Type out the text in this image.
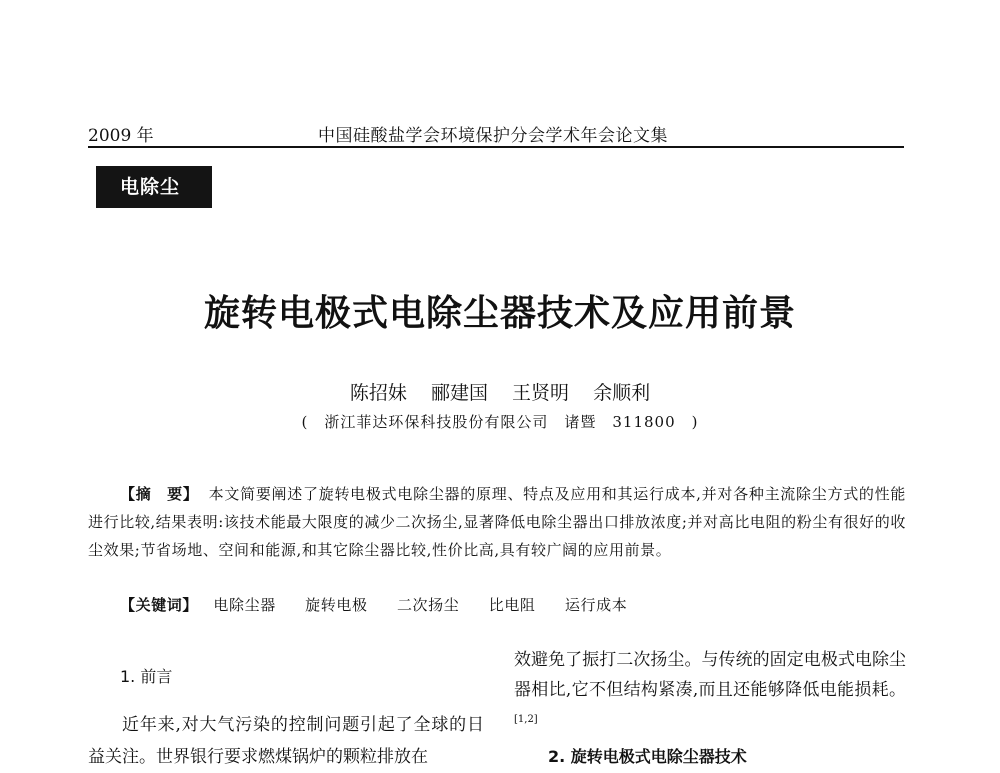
2009 年	中国硅酸盐学会环境保护分会学术年会论文集
电除尘
旋转电极式电除尘器技术及应用前景
陈招妹 郦建国 王贤明 余顺利
( 浙江菲达环保科技股份有限公司 诸暨 311800 )
【摘　要】 本文简要阐述了旋转电极式电除尘器的原理、特点及应用和其运行成本,并对各种主流除尘方式的性能进行比较,结果表明:该技术能最大限度的减少二次扬尘,显著降低电除尘器出口排放浓度;并对高比电阻的粉尘有很好的收尘效果;节省场地、空间和能源,和其它除尘器比较,性价比高,具有较广阔的应用前景。
【关键词】 电除尘器 旋转电极 二次扬尘 比电阻 运行成本
1. 前言
近年来,对大气污染的控制问题引起了全球的日益关注。世界银行要求燃煤锅炉的颗粒排放在
效避免了振打二次扬尘。与传统的固定电极式电除尘器相比,它不但结构紧凑,而且还能够降低电能损耗。[1,2]
2. 旋转电极式电除尘器技术
